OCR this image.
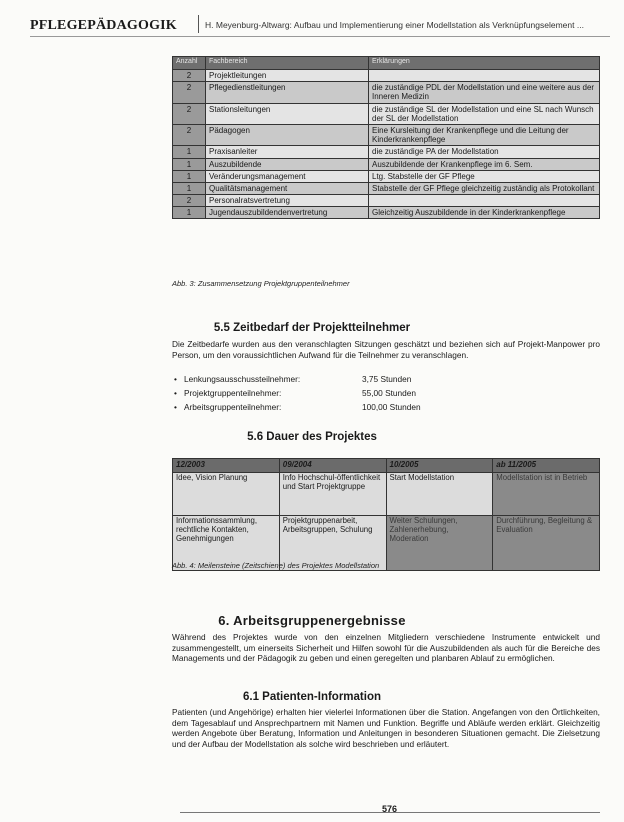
PFLEGEPÄDAGOGIK	H. Meyenburg-Altwarg: Aufbau und Implementierung einer Modellstation als Verknüpfungselement ...
Anzahl	Fachbereich	Erklärungen
2	Projektleitungen	
2	Pflegedienstleitungen	die zuständige PDL der Modellstation und eine weitere aus der Inneren Medizin
2	Stationsleitungen	die zuständige SL der Modellstation und eine SL nach Wunsch der SL der Modellstation
2	Pädagogen	Eine Kursleitung der Krankenpflege und die Leitung der Kinderkrankenpflege
1	Praxisanleiter	die zuständige PA der Modellstation
1	Auszubildende	Auszubildende der Krankenpflege im 6. Sem.
1	Veränderungsmanagement	Ltg. Stabstelle der GF Pflege
1	Qualitätsmanagement	Stabstelle der GF Pflege gleichzeitig zuständig als Protokollant
2	Personalratsvertretung	
1	Jugendauszubildendenvertretung	Gleichzeitig Auszubildende in der Kinderkrankenpflege
Abb. 3: Zusammensetzung Projektgruppenteilnehmer
5.5 Zeitbedarf der Projektteilnehmer
Die Zeitbedarfe wurden aus den veranschlagten Sitzungen geschätzt und beziehen sich auf Projekt-Manpower pro Person, um den voraussichtlichen Aufwand für die Teilnehmer zu veranschlagen.
• Lenkungsausschussteilnehmer:	3,75 Stunden
• Projektgruppenteilnehmer:	55,00 Stunden
• Arbeitsgruppenteilnehmer:	100,00 Stunden
5.6 Dauer des Projektes
12/2003	09/2004	10/2005	ab 11/2005
Idee, Vision Planung	Info Hochschul-öffentlichkeit und Start Projektgruppe	Start Modellstation	Modellstation ist in Betrieb
Informationssammlung, rechtliche Kontakten, Genehmigungen	Projektgruppenarbeit, Arbeitsgruppen, Schulung	Weiter Schulungen, Zahlenerhebung, Moderation	Durchführung, Begleitung & Evaluation
Abb. 4: Meilensteine (Zeitschiene) des Projektes Modellstation
6. Arbeitsgruppenergebnisse
Während des Projektes wurde von den einzelnen Mitgliedern verschiedene Instrumente entwickelt und zusammengestellt, um einerseits Sicherheit und Hilfen sowohl für die Auszubildenden als auch für die Bereiche des Managements und der Pädagogik zu geben und einen geregelten und planbaren Ablauf zu ermöglichen.
6.1 Patienten-Information
Patienten (und Angehörige) erhalten hier vielerlei Informationen über die Station. Angefangen von den Örtlichkeiten, dem Tagesablauf und Ansprechpartnern mit Namen und Funktion. Begriffe und Abläufe werden erklärt. Gleichzeitig werden Angebote über Beratung, Information und Anleitungen in besonderen Situationen gemacht. Die Zielsetzung und der Aufbau der Modellstation als solche wird beschrieben und erläutert.
576
